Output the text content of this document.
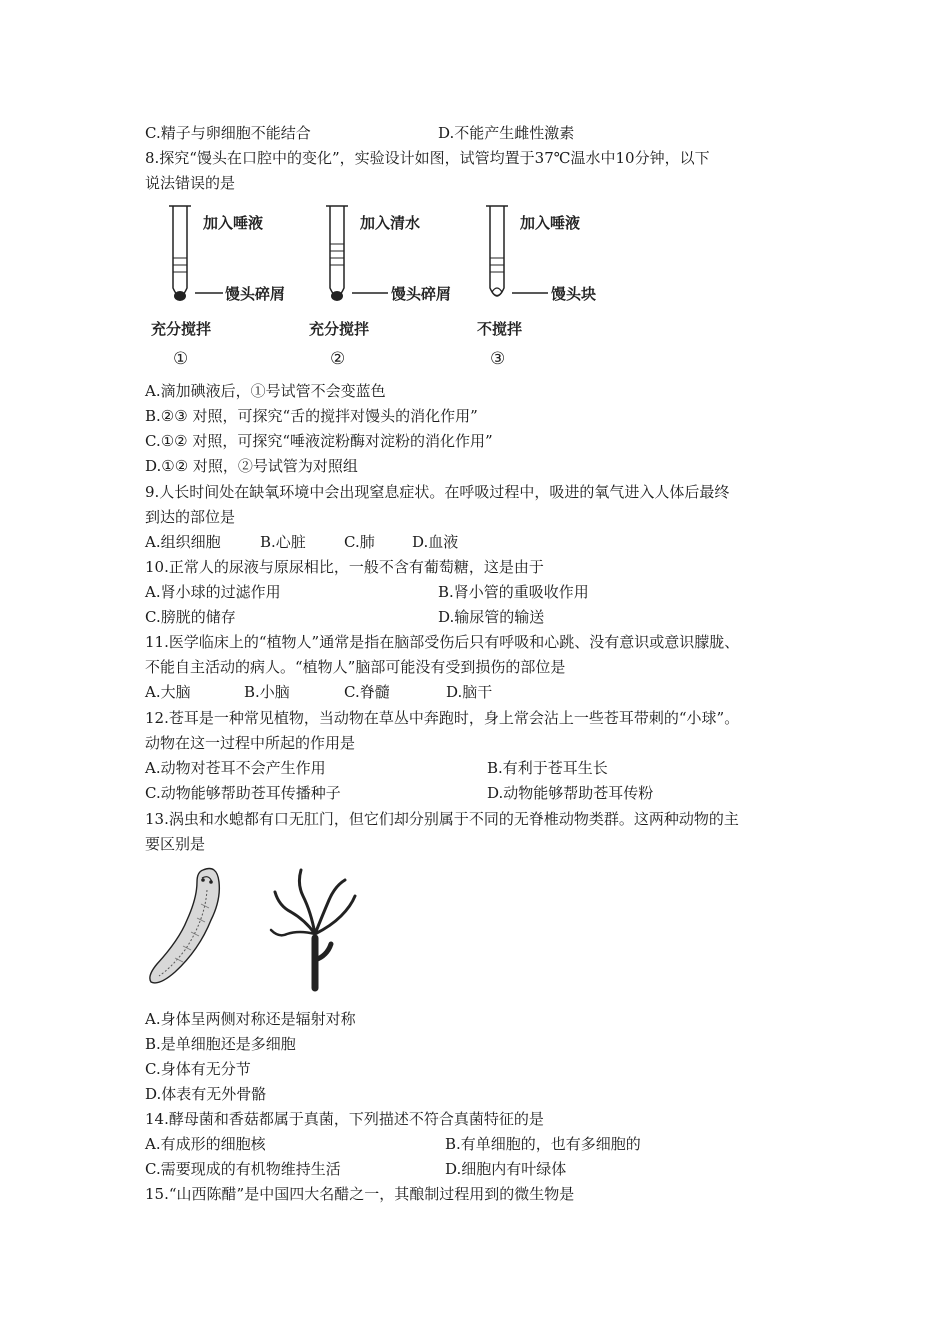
C.精子与卵细胞不能结合	D.不能产生雌性激素
8.探究“馒头在口腔中的变化”，实验设计如图，试管均置于37℃温水中10分钟，以下
说法错误的是
加入唾液
馒头碎屑
充分搅拌
①
加入清水
馒头碎屑
充分搅拌
②
加入唾液
馒头块
不搅拌
③
A.滴加碘液后，①号试管不会变蓝色
B.②③ 对照，可探究“舌的搅拌对馒头的消化作用”
C.①② 对照，可探究“唾液淀粉酶对淀粉的消化作用”
D.①② 对照，②号试管为对照组
9.人长时间处在缺氧环境中会出现窒息症状。在呼吸过程中，吸进的氧气进入人体后最终
到达的部位是
A.组织细胞	B.心脏	C.肺 D.血液
10.正常人的尿液与原尿相比，一般不含有葡萄糖，这是由于
A.肾小球的过滤作用	B.肾小管的重吸收作用
C.膀胱的储存	D.输尿管的输送
11.医学临床上的“植物人”通常是指在脑部受伤后只有呼吸和心跳、没有意识或意识朦胧、
不能自主活动的病人。“植物人”脑部可能没有受到损伤的部位是
A.大脑	B.小脑	C.脊髓	D.脑干
12.苍耳是一种常见植物，当动物在草丛中奔跑时，身上常会沾上一些苍耳带刺的“小球”。
动物在这一过程中所起的作用是
A.动物对苍耳不会产生作用	B.有利于苍耳生长
C.动物能够帮助苍耳传播种子	D.动物能够帮助苍耳传粉
13.涡虫和水螅都有口无肛门，但它们却分别属于不同的无脊椎动物类群。这两种动物的主
要区别是
A.身体呈两侧对称还是辐射对称
B.是单细胞还是多细胞
C.身体有无分节
D.体表有无外骨骼
14.酵母菌和香菇都属于真菌，下列描述不符合真菌特征的是
A.有成形的细胞核	B.有单细胞的，也有多细胞的
C.需要现成的有机物维持生活	D.细胞内有叶绿体
15.“山西陈醋”是中国四大名醋之一，其酿制过程用到的微生物是
